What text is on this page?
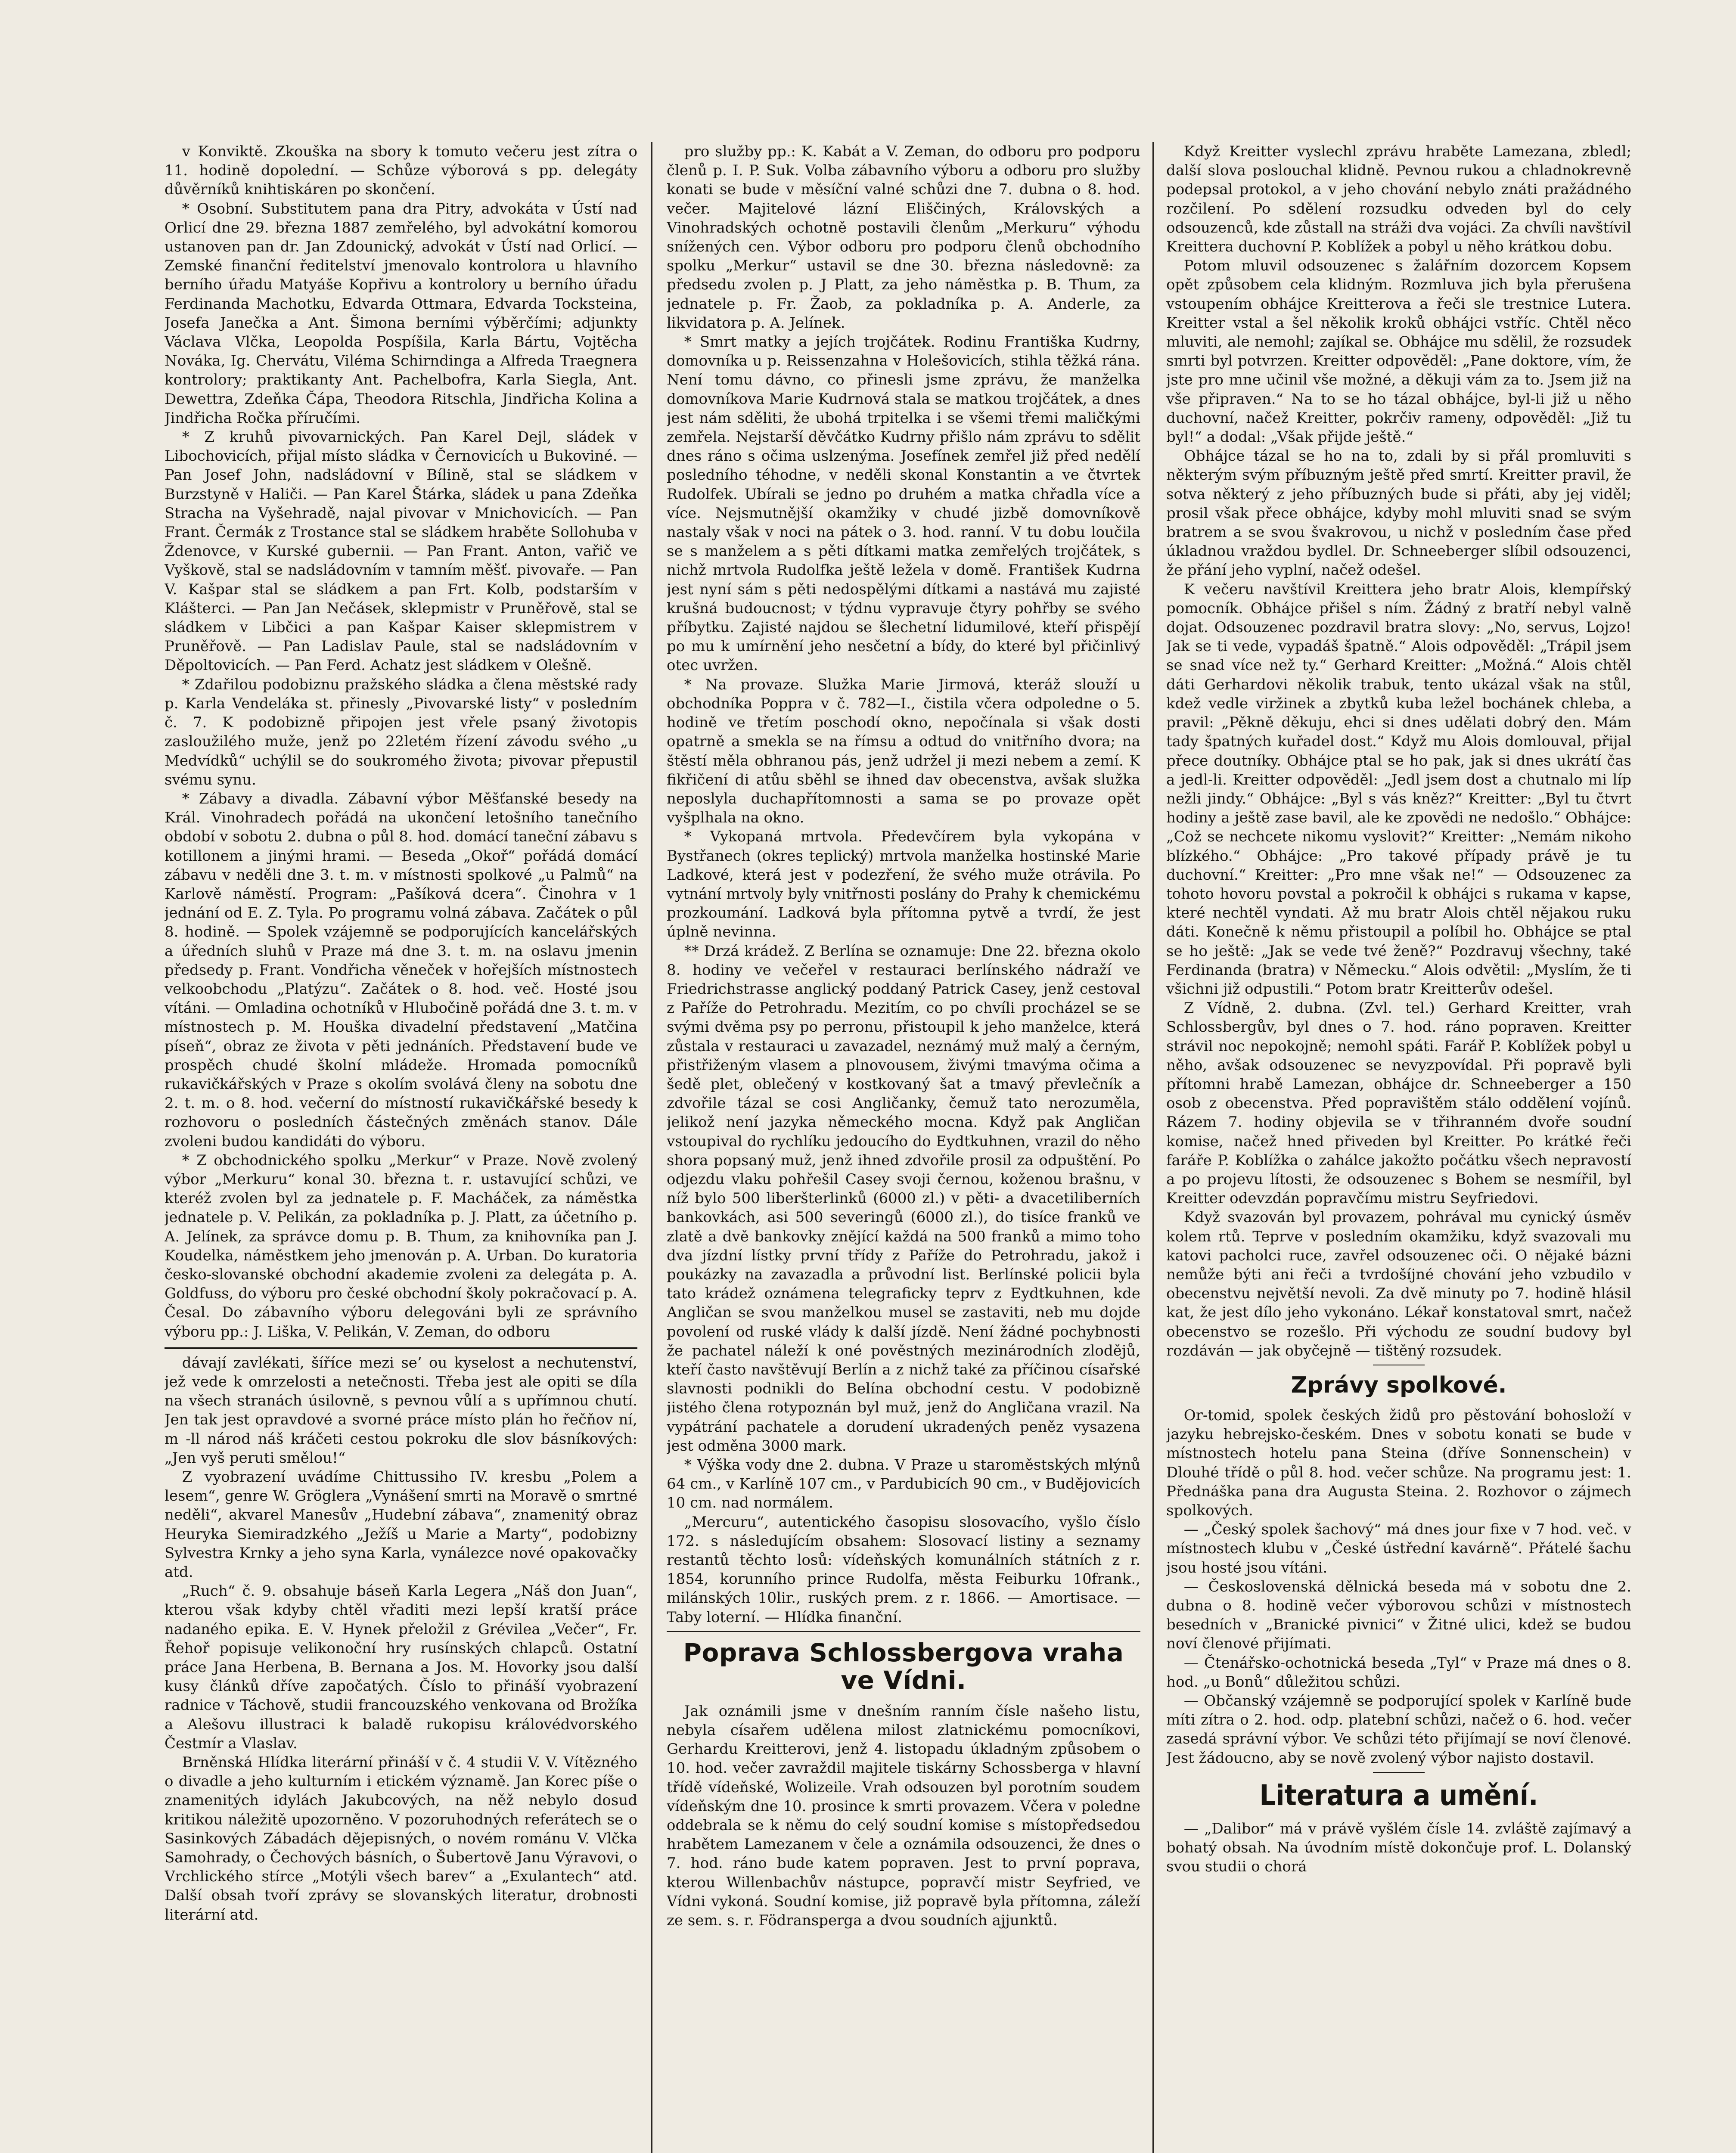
v Konviktě. Zkouška na sbory k tomuto večeru jest zítra o 11. hodině dopolední. — Schůze výborová s pp. delegáty důvěrníků knihtiskáren po skončení.

* Osobní. Substitutem pana dra Pitry, advokáta v Ústí nad Orlicí dne 29. března 1887 zemřelého, byl advokátní komorou ustanoven pan dr. Jan Zdounický, advokát v Ústí nad Orlicí. — Zemské finanční ředitelství jmenovalo kontrolora u hlavního berního úřadu Matyáše Kopřivu a kontrolory u berního úřadu Ferdinanda Machotku, Edvarda Ottmara, Edvarda Tocksteina, Josefa Janečka a Ant. Šimona berními výběrčími; adjunkty Václava Vlčka, Leopolda Pospíšila, Karla Bártu, Vojtěcha Nováka, Ig. Chervátu, Viléma Schirndinga a Alfreda Traegnera kontrolory; praktikanty Ant. Pachelbofra, Karla Siegla, Ant. Dewettra, Zdeňka Čápa, Theodora Ritschla, Jindřicha Kolina a Jindřicha Ročka příručími.

* Z kruhů pivovarnických. Pan Karel Dejl, sládek v Libochovicích, přijal místo sládka v Černovicích u Bukoviné. — Pan Josef John, nadsládovní v Bílině, stal se sládkem v Burzstyně v Haliči. — Pan Karel Štárka, sládek u pana Zdeňka Stracha na Vyšehradě, najal pivovar v Mnichovicích. — Pan Frant. Čermák z Trostance stal se sládkem hraběte Sollohuba v Ždenovce, v Kurské gubernii. — Pan Frant. Anton, vařič ve Vyškově, stal se nadsládovním v tamním měšť. pivovaře. — Pan V. Kašpar stal se sládkem a pan Frt. Kolb, podstarším v Klášterci. — Pan Jan Nečásek, sklepmistr v Pruněřově, stal se sládkem v Libčici a pan Kašpar Kaiser sklepmistrem v Pruněřově. — Pan Ladislav Paule, stal se nadsládovním v Děpoltovicích. — Pan Ferd. Achatz jest sládkem v Olešně.

* Zdařilou podobiznu pražského sládka a člena městské rady p. Karla Vendeláka st. přinesly „Pivovarské listy“ v posledním č. 7. K podobizně připojen jest vřele psaný životopis zasloužilého muže, jenž po 22letém řízení závodu svého „u Medvídků“ uchýlil se do soukromého života; pivovar přepustil svému synu.

* Zábavy a divadla. Zábavní výbor Měšťanské besedy na Král. Vinohradech pořádá na ukončení letošního tanečního období v sobotu 2. dubna o půl 8. hod. domácí taneční zábavu s kotillonem a jinými hrami. — Beseda „Okoř“ pořádá domácí zábavu v neděli dne 3. t. m. v místnosti spolkové „u Palmů“ na Karlově náměstí. Program: „Pašíková dcera“. Činohra v 1 jednání od E. Z. Tyla. Po programu volná zábava. Začátek o půl 8. hodině. — Spolek vzájemně se podporujících kancelářských a úředních sluhů v Praze má dne 3. t. m. na oslavu jmenin předsedy p. Frant. Vondřicha věneček v hořejších místnostech velkoobchodu „Platýzu“. Začátek o 8. hod. več. Hosté jsou vítáni. — Omladina ochotníků v Hlubočině pořádá dne 3. t. m. v místnostech p. M. Houška divadelní představení „Matčina píseň“, obraz ze života v pěti jednáních. Představení bude ve prospěch chudé školní mládeže. Hromada pomocníků rukavičkářských v Praze s okolím svolává členy na sobotu dne 2. t. m. o 8. hod. večerní do místností rukavičkářské besedy k rozhovoru o posledních částečných změnách stanov. Dále zvoleni budou kandidáti do výboru.

* Z obchodnického spolku „Merkur“ v Praze. Nově zvolený výbor „Merkuru“ konal 30. března t. r. ustavující schůzi, ve kteréž zvolen byl za jednatele p. F. Macháček, za náměstka jednatele p. V. Pelikán, za pokladníka p. J. Platt, za účetního p. A. Jelínek, za správce domu p. B. Thum, za knihovníka pan J. Koudelka, náměstkem jeho jmenován p. A. Urban. Do kuratoria česko-slovanské obchodní akademie zvoleni za delegáta p. A. Goldfuss, do výboru pro české obchodní školy pokračovací p. A. Česal. Do zábavního výboru delegováni byli ze správního výboru pp.: J. Liška, V. Pelikán, V. Zeman, do odboru

dávají zavlékati, šíříce mezi se’ ou kyselost a nechutenství, jež vede k omrzelosti a netečnosti. Třeba jest ale opiti se díla na všech stranách úsilovně, s pevnou vůlí a s upřímnou chutí. Jen tak jest opravdové a svorné práce místo plán ho řečňov ní, m -ll národ náš kráčeti cestou pokroku dle slov básníkových: „Jen vyš peruti smělou!“

Z vyobrazení uvádíme Chittussiho IV. kresbu „Polem a lesem“, genre W. Gröglera „Vynášení smrti na Moravě o smrtné neděli“, akvarel Manesův „Hudební zábava“, znamenitý obraz Heuryka Siemiradzkého „Ježíš u Marie a Marty“, podobizny Sylvestra Krnky a jeho syna Karla, vynálezce nové opakovačky atd.

„Ruch“ č. 9. obsahuje báseň Karla Legera „Náš don Juan“, kterou však kdyby chtěl vřaditi mezi lepší kratší práce nadaného epika. E. V. Hynek přeložil z Grévilea „Večer“, Fr. Řehoř popisuje velikonoční hry rusínských chlapců. Ostatní práce Jana Herbena, B. Bernana a Jos. M. Hovorky jsou další kusy článků dříve započatých. Číslo to přináší vyobrazení radnice v Táchově, studii francouzského venkovana od Brožíka a Alešovu illustraci k baladě rukopisu královédvorského Čestmír a Vlaslav.

Brněnská Hlídka literární přináší v č. 4 studii V. V. Vítězného o divadle a jeho kulturním i etickém významě. Jan Korec píše o znamenitých idylách Jakubcových, na něž nebylo dosud kritikou náležitě upozorněno. V pozoruhodných referátech se o Sasinkových Zábadách dějepisných, o novém románu V. Vlčka Samohrady, o Čechových básních, o Šubertově Janu Výravovi, o Vrchlického stírce „Motýli všech barev“ a „Exulantech“ atd. Další obsah tvoří zprávy se slovanských literatur, drobnosti literární atd.

pro služby pp.: K. Kabát a V. Zeman, do odboru pro podporu členů p. I. P. Suk. Volba zábavního výboru a odboru pro služby konati se bude v měsíční valné schůzi dne 7. dubna o 8. hod. večer. Majitelové lázní Eliščiných, Královských a Vinohradských ochotně postavili členům „Merkuru“ výhodu snížených cen. Výbor odboru pro podporu členů obchodního spolku „Merkur“ ustavil se dne 30. března následovně: za předsedu zvolen p. J Platt, za jeho náměstka p. B. Thum, za jednatele p. Fr. Žaob, za pokladníka p. A. Anderle, za likvidatora p. A. Jelínek.

* Smrt matky a jejích trojčátek. Rodinu Františka Kudrny, domovníka u p. Reissenzahna v Holešovicích, stihla těžká rána. Není tomu dávno, co přinesli jsme zprávu, že manželka domovníkova Marie Kudrnová stala se matkou trojčátek, a dnes jest nám sděliti, že ubohá trpitelka i se všemi třemi maličkými zemřela. Nejstarší děvčátko Kudrny přišlo nám zprávu to sdělit dnes ráno s očima uslzenýma. Josefínek zemřel již před nedělí posledního téhodne, v neděli skonal Konstantin a ve čtvrtek Rudolfek. Ubírali se jedno po druhém a matka chřadla více a více. Nejsmutnější okamžiky v chudé jizbě domovníkově nastaly však v noci na pátek o 3. hod. ranní. V tu dobu loučila se s manželem a s pěti dítkami matka zemřelých trojčátek, s nichž mrtvola Rudolfka ještě ležela v domě. František Kudrna jest nyní sám s pěti nedospělými dítkami a nastává mu zajisté krušná budoucnost; v týdnu vypravuje čtyry pohřby se svého příbytku. Zajisté najdou se šlechetní lidumilové, kteří přispějí po mu k umírnění jeho nesčetní a bídy, do které byl přičinlivý otec uvržen.

* Na provaze. Služka Marie Jirmová, kteráž slouží u obchodníka Poppra v č. 782—I., čistila včera odpoledne o 5. hodině ve třetím poschodí okno, nepočínala si však dosti opatrně a smekla se na římsu a odtud do vnitřního dvora; na štěstí měla obhranou pás, jenž udržel ji mezi nebem a zemí. K fikřičení di atůu sběhl se ihned dav obecenstva, avšak služka neposlyla duchapřítomnosti a sama se po provaze opět vyšplhala na okno.

* Vykopaná mrtvola. Předevčírem byla vykopána v Bystřanech (okres teplický) mrtvola manželka hostinské Marie Ladkové, která jest v podezření, že svého muže otrávila. Po vytnání mrtvoly byly vnitřnosti poslány do Prahy k chemickému prozkoumání. Ladková byla přítomna pytvě a tvrdí, že jest úplně nevinna.

** Drzá krádež. Z Berlína se oznamuje: Dne 22. března okolo 8. hodiny ve večeřel v restauraci berlínského nádraží ve Friedrichstrasse anglický poddaný Patrick Casey, jenž cestoval z Paříže do Petrohradu. Mezitím, co po chvíli procházel se se svými dvěma psy po perronu, přistoupil k jeho manželce, která zůstala v restauraci u zavazadel, neznámý muž malý a černým, přistřiženým vlasem a plnovousem, živými tmavýma očima a šedě plet, oblečený v kostkovaný šat a tmavý převlečník a zdvořile tázal se cosi Angličanky, čemuž tato nerozuměla, jelikož není jazyka německého mocna. Když pak Angličan vstoupival do rychlíku jedoucího do Eydtkuhnen, vrazil do něho shora popsaný muž, jenž ihned zdvořile prosil za odpuštění. Po odjezdu vlaku pohřešil Casey svoji černou, koženou brašnu, v níž bylo 500 liberšterlinků (6000 zl.) v pěti- a dvacetiliberních bankovkách, asi 500 severingů (6000 zl.), do tisíce franků ve zlatě a dvě bankovky znějící každá na 500 franků a mimo toho dva jízdní lístky první třídy z Paříže do Petrohradu, jakož i poukázky na zavazadla a průvodní list. Berlínské policii byla tato krádež oznámena telegraficky teprv z Eydtkuhnen, kde Angličan se svou manželkou musel se zastaviti, neb mu dojde povolení od ruské vlády k další jízdě. Není žádné pochybnosti že pachatel náleží k oné pověstných mezinárodních zlodějů, kteří často navštěvují Berlín a z nichž také za příčinou císařské slavnosti podnikli do Belína obchodní cestu. V podobizně jistého člena rotypoznán byl muž, jenž do Angličana vrazil. Na vypátrání pachatele a dorudení ukradených peněz vysazena jest odměna 3000 mark.

* Výška vody dne 2. dubna. V Praze u staroměstských mlýnů 64 cm., v Karlíně 107 cm., v Pardubicích 90 cm., v Budějovicích 10 cm. nad normálem.

„Mercuru“, autentického časopisu slosovacího, vyšlo číslo 172. s následujícím obsahem: Slosovací listiny a seznamy restantů těchto losů: vídeňských komunálních státních z r. 1854, korunního prince Rudolfa, města Feiburku 10frank., milánských 10lir., ruských prem. z r. 1866. — Amortisace. — Taby loterní. — Hlídka finanční.

Poprava Schlossbergova vraha ve Vídni.

Jak oznámili jsme v dnešním ranním čísle našeho listu, nebyla císařem udělena milost zlatnickému pomocníkovi, Gerhardu Kreitterovi, jenž 4. listopadu úkladným způsobem o 10. hod. večer zavraždil majitele tiskárny Schossberga v hlavní třídě vídeňské, Wolizeile. Vrah odsouzen byl porotním soudem vídeňským dne 10. prosince k smrti provazem. Včera v poledne oddebrala se k němu do celý soudní komise s místopředsedou hrabětem Lamezanem v čele a oznámila odsouzenci, že dnes o 7. hod. ráno bude katem popraven. Jest to první poprava, kterou Willenbachův nástupce, popravčí mistr Seyfried, ve Vídni vykoná. Soudní komise, již popravě byla přítomna, záleží ze sem. s. r. Födransperga a dvou soudních ajjunktů.

Když Kreitter vyslechl zprávu hraběte Lamezana, zbledl; další slova poslouchal klidně. Pevnou rukou a chladnokrevně podepsal protokol, a v jeho chování nebylo znáti pražádného rozčilení. Po sdělení rozsudku odveden byl do cely odsouzenců, kde zůstall na stráži dva vojáci. Za chvíli navštívil Kreittera duchovní P. Koblížek a pobyl u něho krátkou dobu.

Potom mluvil odsouzenec s žalářním dozorcem Kopsem opět způsobem cela klidným. Rozmluva jich byla přerušena vstoupením obhájce Kreitterova a řeči sle trestnice Lutera. Kreitter vstal a šel několik kroků obhájci vstříc. Chtěl něco mluviti, ale nemohl; zajíkal se. Obhájce mu sdělil, že rozsudek smrti byl potvrzen. Kreitter odpověděl: „Pane doktore, vím, že jste pro mne učinil vše možné, a děkuji vám za to. Jsem již na vše připraven.“ Na to se ho tázal obhájce, byl-li již u něho duchovní, načež Kreitter, pokrčiv rameny, odpověděl: „Již tu byl!“ a dodal: „Však přijde ještě.“

Obhájce tázal se ho na to, zdali by si přál promluviti s některým svým příbuzným ještě před smrtí. Kreitter pravil, že sotva některý z jeho příbuzných bude si přáti, aby jej viděl; prosil však přece obhájce, kdyby mohl mluviti snad se svým bratrem a se svou švakrovou, u nichž v posledním čase před úkladnou vraždou bydlel. Dr. Schneeberger slíbil odsouzenci, že přání jeho vyplní, načež odešel.

K večeru navštívil Kreittera jeho bratr Alois, klempířský pomocník. Obhájce přišel s ním. Žádný z bratří nebyl valně dojat. Odsouzenec pozdravil bratra slovy: „No, servus, Lojzo! Jak se ti vede, vypadáš špatně.“ Alois odpověděl: „Trápil jsem se snad více než ty.“ Gerhard Kreitter: „Možná.“ Alois chtěl dáti Gerhardovi několik trabuk, tento ukázal však na stůl, kdež vedle viržinek a zbytků kuba ležel bochánek chleba, a pravil: „Pěkně děkuju, ehci si dnes udělati dobrý den. Mám tady špatných kuřadel dost.“ Když mu Alois domlouval, přijal přece doutníky. Obhájce ptal se ho pak, jak si dnes ukrátí čas a jedl-li. Kreitter odpověděl: „Jedl jsem dost a chutnalo mi líp nežli jindy.“ Obhájce: „Byl s vás kněz?“ Kreitter: „Byl tu čtvrt hodiny a ještě zase bavil, ale ke zpovědi ne nedošlo.“ Obhájce: „Což se nechcete nikomu vyslovit?“ Kreitter: „Nemám nikoho blízkého.“ Obhájce: „Pro takové případy právě je tu duchovní.“ Kreitter: „Pro mne však ne!“ — Odsouzenec za tohoto hovoru povstal a pokročil k obhájci s rukama v kapse, které nechtěl vyndati. Až mu bratr Alois chtěl nějakou ruku dáti. Konečně k němu přistoupil a políbil ho. Obhájce se ptal se ho ještě: „Jak se vede tvé ženě?“ Pozdravuj všechny, také Ferdinanda (bratra) v Německu.“ Alois odvětil: „Myslím, že ti všichni již odpustili.“ Potom bratr Kreitterův odešel.

Z Vídně, 2. dubna. (Zvl. tel.) Gerhard Kreitter, vrah Schlossbergův, byl dnes o 7. hod. ráno popraven. Kreitter strávil noc nepokojně; nemohl spáti. Farář P. Koblížek pobyl u něho, avšak odsouzenec se nevyzpovídal. Při popravě byli přítomni hrabě Lamezan, obhájce dr. Schneeberger a 150 osob z obecenstva. Před popravištěm stálo oddělení vojínů. Rázem 7. hodiny objevila se v třihranném dvoře soudní komise, načež hned přiveden byl Kreitter. Po krátké řeči faráře P. Koblížka o zahálce jakožto počátku všech nepravostí a po projevu lítosti, že odsouzenec s Bohem se nesmířil, byl Kreitter odevzdán popravčímu mistru Seyfriedovi.

Když svazován byl provazem, pohrával mu cynický úsměv kolem rtů. Teprve v posledním okamžiku, když svazovali mu katovi pacholci ruce, zavřel odsouzenec oči. O nějaké bázni nemůže býti ani řeči a tvrdošíjné chování jeho vzbudilo v obecenstvu největší nevoli. Za dvě minuty po 7. hodině hlásil kat, že jest dílo jeho vykonáno. Lékař konstatoval smrt, načež obecenstvo se rozešlo. Při východu ze soudní budovy byl rozdáván — jak obyčejně — tištěný rozsudek.

Zprávy spolkové.

Or-tomid, spolek českých židů pro pěstování bohosloží v jazyku hebrejsko-českém. Dnes v sobotu konati se bude v místnostech hotelu pana Steina (dříve Sonnenschein) v Dlouhé třídě o půl 8. hod. večer schůze. Na programu jest: 1. Přednáška pana dra Augusta Steina. 2. Rozhovor o zájmech spolkových.

— „Český spolek šachový“ má dnes jour fixe v 7 hod. več. v místnostech klubu v „České ústřední kavárně“. Přátelé šachu jsou hosté jsou vítáni.

— Československá dělnická beseda má v sobotu dne 2. dubna o 8. hodině večer výborovou schůzi v místnostech besedních v „Branické pivnici“ v Žitné ulici, kdež se budou noví členové přijímati.

— Čtenářsko-ochotnická beseda „Tyl“ v Praze má dnes o 8. hod. „u Bonů“ důležitou schůzi.

— Občanský vzájemně se podporující spolek v Karlíně bude míti zítra o 2. hod. odp. platební schůzi, načež o 6. hod. večer zasedá správní výbor. Ve schůzi této přijímají se noví členové. Jest žádoucno, aby se nově zvolený výbor najisto dostavil.

Literatura a umění.

— „Dalibor“ má v právě vyšlém čísle 14. zvláště zajímavý a bohatý obsah. Na úvodním místě dokončuje prof. L. Dolanský svou studii o chorá
